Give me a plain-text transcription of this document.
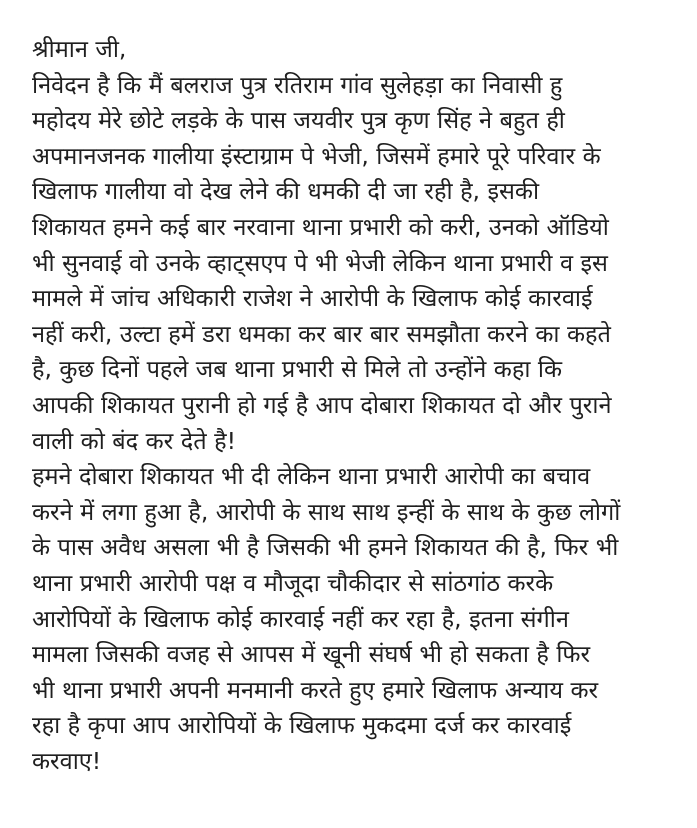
श्रीमान जी,
निवेदन है कि मैं बलराज पुत्र रतिराम गांव सुलेहड़ा का निवासी हु
महोदय मेरे छोटे लड़के के पास जयवीर पुत्र कृण सिंह ने बहुत ही
अपमानजनक गालीया इंस्टाग्राम पे भेजी, जिसमें हमारे पूरे परिवार के
खिलाफ गालीया वो देख लेने की धमकी दी जा रही है, इसकी
शिकायत हमने कई बार नरवाना थाना प्रभारी को करी, उनको ऑडियो
भी सुनवाई वो उनके व्हाट्सएप पे भी भेजी लेकिन थाना प्रभारी व इस
मामले में जांच अधिकारी राजेश ने आरोपी के खिलाफ कोई कारवाई
नहीं करी, उल्टा हमें डरा धमका कर बार बार समझौता करने का कहते
है, कुछ दिनों पहले जब थाना प्रभारी से मिले तो उन्होंने कहा कि
आपकी शिकायत पुरानी हो गई है आप दोबारा शिकायत दो और पुराने
वाली को बंद कर देते है!
हमने दोबारा शिकायत भी दी लेकिन थाना प्रभारी आरोपी का बचाव
करने में लगा हुआ है, आरोपी के साथ साथ इन्हीं के साथ के कुछ लोगों
के पास अवैध असला भी है जिसकी भी हमने शिकायत की है, फिर भी
थाना प्रभारी आरोपी पक्ष व मौजूदा चौकीदार से सांठगांठ करके
आरोपियों के खिलाफ कोई कारवाई नहीं कर रहा है, इतना संगीन
मामला जिसकी वजह से आपस में खूनी संघर्ष भी हो सकता है फिर
भी थाना प्रभारी अपनी मनमानी करते हुए हमारे खिलाफ अन्याय कर
रहा है कृपा आप आरोपियों के खिलाफ मुकदमा दर्ज कर कारवाई
करवाए!
